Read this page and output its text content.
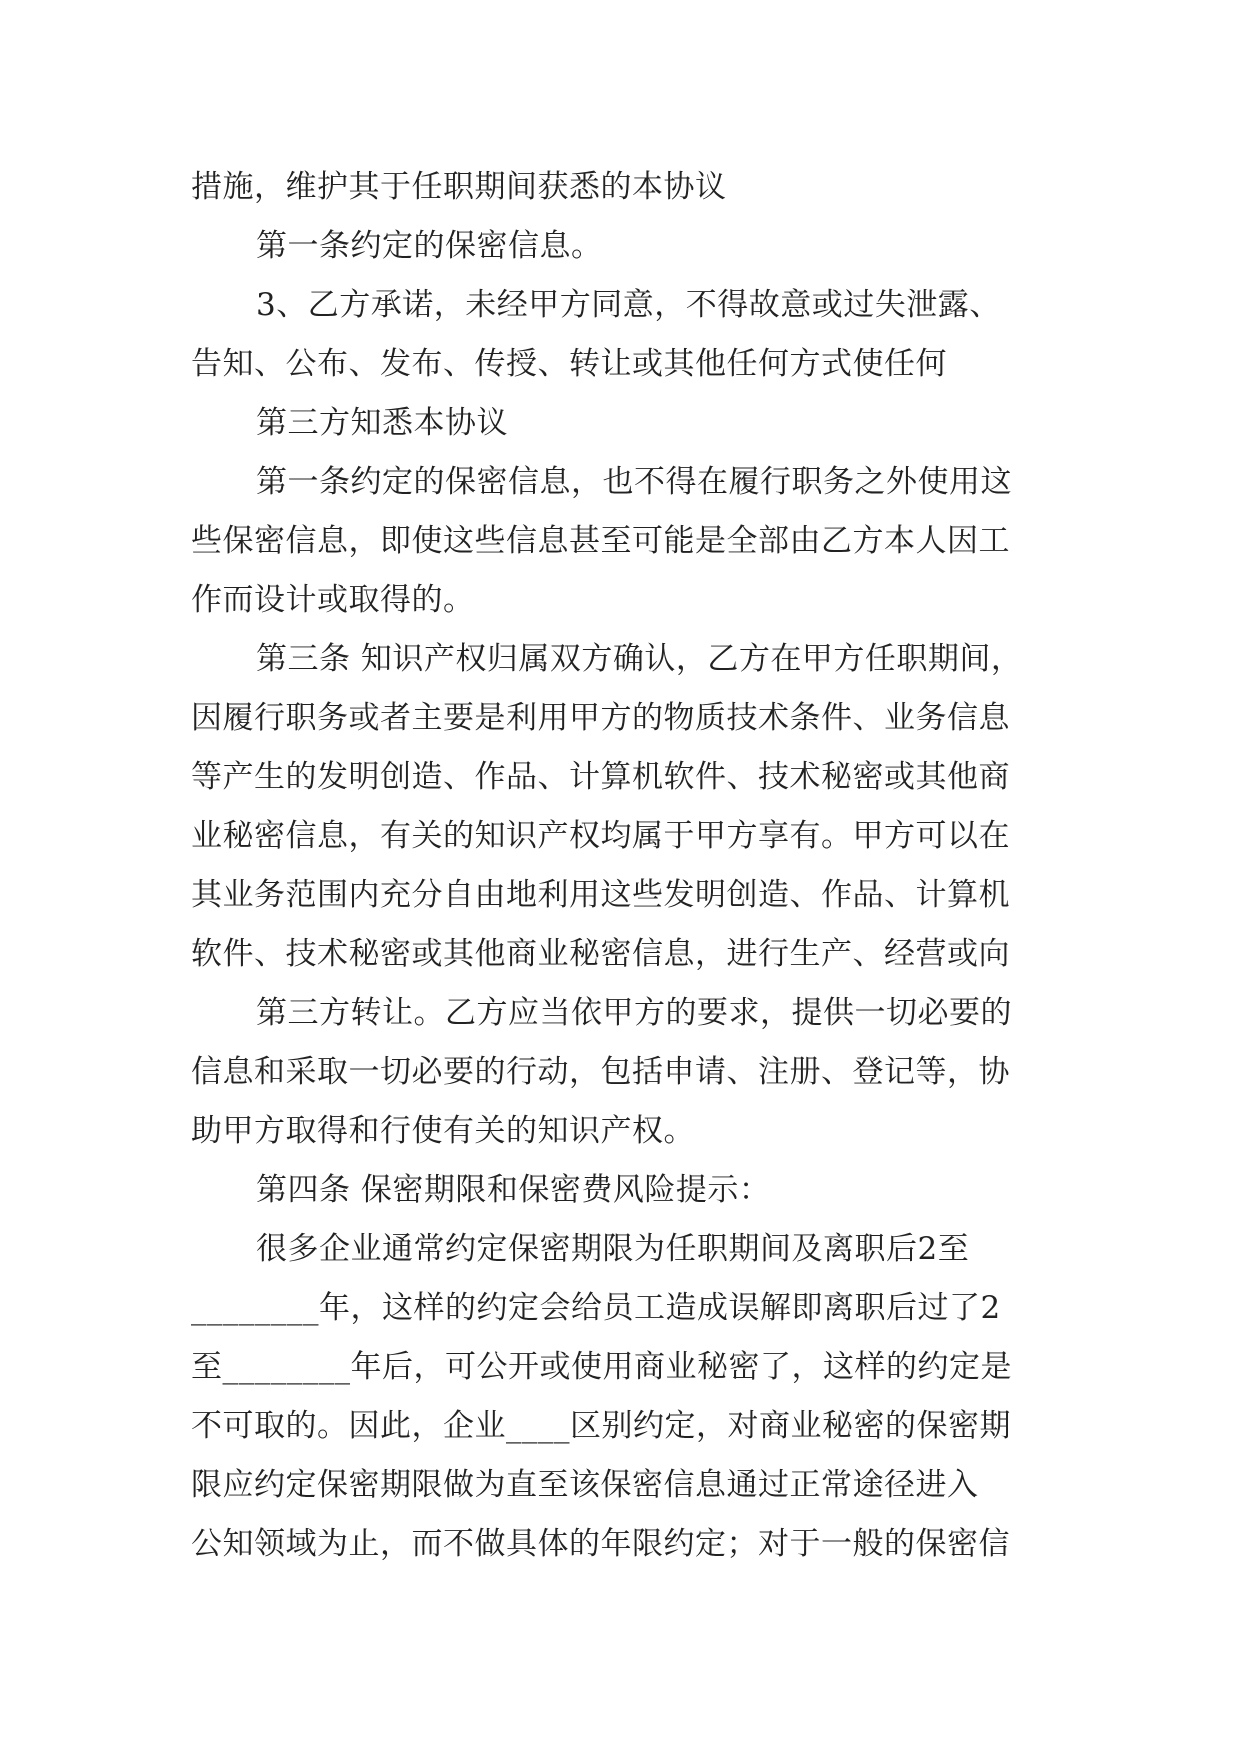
措施，维护其于任职期间获悉的本协议
第一条约定的保密信息。
3、乙方承诺，未经甲方同意，不得故意或过失泄露、
告知、公布、发布、传授、转让或其他任何方式使任何
第三方知悉本协议
第一条约定的保密信息，也不得在履行职务之外使用这
些保密信息，即使这些信息甚至可能是全部由乙方本人因工
作而设计或取得的。
第三条 知识产权归属双方确认，乙方在甲方任职期间，
因履行职务或者主要是利用甲方的物质技术条件、业务信息
等产生的发明创造、作品、计算机软件、技术秘密或其他商
业秘密信息，有关的知识产权均属于甲方享有。甲方可以在
其业务范围内充分自由地利用这些发明创造、作品、计算机
软件、技术秘密或其他商业秘密信息，进行生产、经营或向
第三方转让。乙方应当依甲方的要求，提供一切必要的
信息和采取一切必要的行动，包括申请、注册、登记等，协
助甲方取得和行使有关的知识产权。
第四条 保密期限和保密费风险提示：
很多企业通常约定保密期限为任职期间及离职后2至
________年，这样的约定会给员工造成误解即离职后过了2
至________年后，可公开或使用商业秘密了，这样的约定是
不可取的。因此，企业____区别约定，对商业秘密的保密期
限应约定保密期限做为直至该保密信息通过正常途径进入
公知领域为止，而不做具体的年限约定；对于一般的保密信
